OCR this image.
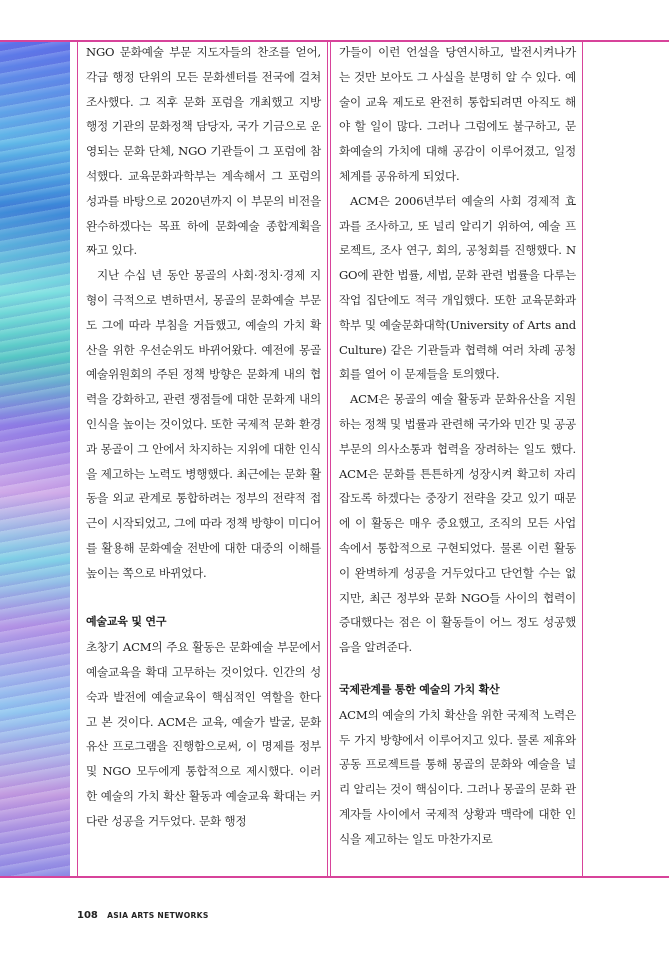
NGO 문화예술 부문 지도자들의 찬조를 얻어, 각급 행정 단위의 모든 문화센터를 전국에 걸쳐 조사했다. 그 직후 문화 포럼을 개최했고 지방 행정 기관의 문화정책 담당자, 국가 기금으로 운영되는 문화 단체, NGO 기관들이 그 포럼에 참석했다. 교육문화과학부는 계속해서 그 포럼의 성과를 바탕으로 2020년까지 이 부문의 비전을 완수하겠다는 목표 하에 문화예술 종합계획을 짜고 있다.

지난 수십 년 동안 몽골의 사회·정치·경제 지형이 극적으로 변하면서, 몽골의 문화예술 부문도 그에 따라 부침을 거듭했고, 예술의 가치 확산을 위한 우선순위도 바뀌어왔다. 예전에 몽골 예술위원회의 주된 정책 방향은 문화계 내의 협력을 강화하고, 관련 쟁점들에 대한 문화계 내의 인식을 높이는 것이었다. 또한 국제적 문화 환경과 몽골이 그 안에서 차지하는 지위에 대한 인식을 제고하는 노력도 병행했다. 최근에는 문화 활동을 외교 관계로 통합하려는 정부의 전략적 접근이 시작되었고, 그에 따라 정책 방향이 미디어를 활용해 문화예술 전반에 대한 대중의 이해를 높이는 쪽으로 바뀌었다.

예술교육 및 연구

초창기 ACM의 주요 활동은 문화예술 부문에서 예술교육을 확대 고무하는 것이었다. 인간의 성숙과 발전에 예술교육이 핵심적인 역할을 한다고 본 것이다. ACM은 교육, 예술가 발굴, 문화유산 프로그램을 진행함으로써, 이 명제를 정부 및 NGO 모두에게 통합적으로 제시했다. 이러한 예술의 가치 확산 활동과 예술교육 확대는 커다란 성공을 거두었다. 문화 행정

가들이 이런 언설을 당연시하고, 발전시켜나가는 것만 보아도 그 사실을 분명히 알 수 있다. 예술이 교육 제도로 완전히 통합되려면 아직도 해야 할 일이 많다. 그러나 그럼에도 불구하고, 문화예술의 가치에 대해 공감이 이루어졌고, 일정 체계를 공유하게 되었다.

ACM은 2006년부터 예술의 사회 경제적 효과를 조사하고, 또 널리 알리기 위하여, 예술 프로젝트, 조사 연구, 회의, 공청회를 진행했다. NGO에 관한 법률, 세법, 문화 관련 법률을 다루는 작업 집단에도 적극 개입했다. 또한 교육문화과학부 및 예술문화대학(University of Arts and Culture) 같은 기관들과 협력해 여러 차례 공청회를 열어 이 문제들을 토의했다.

ACM은 몽골의 예술 활동과 문화유산을 지원하는 정책 및 법률과 관련해 국가와 민간 및 공공 부문의 의사소통과 협력을 장려하는 일도 했다. ACM은 문화를 튼튼하게 성장시켜 확고히 자리 잡도록 하겠다는 중장기 전략을 갖고 있기 때문에 이 활동은 매우 중요했고, 조직의 모든 사업 속에서 통합적으로 구현되었다. 물론 이런 활동이 완벽하게 성공을 거두었다고 단언할 수는 없지만, 최근 정부와 문화 NGO들 사이의 협력이 증대했다는 점은 이 활동들이 어느 정도 성공했음을 알려준다.

국제관계를 통한 예술의 가치 확산

ACM의 예술의 가치 확산을 위한 국제적 노력은 두 가지 방향에서 이루어지고 있다. 물론 제휴와 공동 프로젝트를 통해 몽골의 문화와 예술을 널리 알리는 것이 핵심이다. 그러나 몽골의 문화 관계자들 사이에서 국제적 상황과 맥락에 대한 인식을 제고하는 일도 마찬가지로

108 ASIA ARTS NETWORKS
